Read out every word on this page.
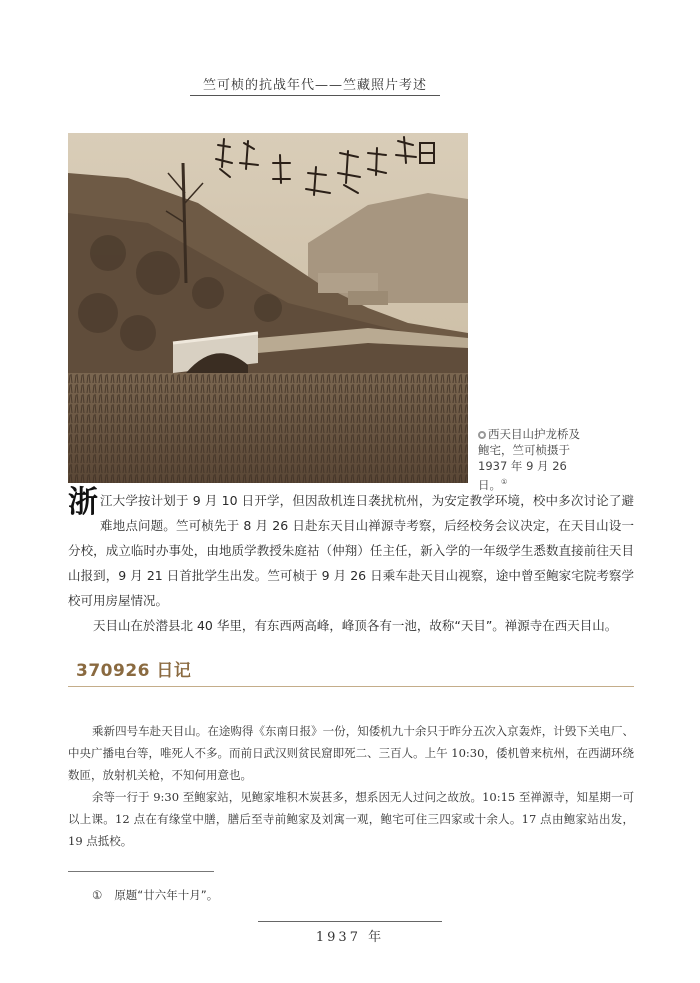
竺可桢的抗战年代——竺藏照片考述
西天目山护龙桥及鲍宅，竺可桢摄于 1937 年 9 月 26 日。①

浙江大学按计划于 9 月 10 日开学，但因敌机连日袭扰杭州，为安定教学环境，校中多次讨论了避难地点问题。竺可桢先于 8 月 26 日赴东天目山禅源寺考察，后经校务会议决定，在天目山设一分校，成立临时办事处，由地质学教授朱庭祜（仲翔）任主任，新入学的一年级学生悉数直接前往天目山报到，9 月 21 日首批学生出发。竺可桢于 9 月 26 日乘车赴天目山视察，途中曾至鲍家宅院考察学校可用房屋情况。

天目山在於潜县北 40 华里，有东西两高峰，峰顶各有一池，故称“天目”。禅源寺在西天目山。

370926 日记

乘新四号车赴天目山。在途购得《东南日报》一份，知倭机九十余只于昨分五次入京轰炸，计毁下关电厂、中央广播电台等，唯死人不多。而前日武汉则贫民窟即死二、三百人。上午 10:30，倭机曾来杭州，在西湖环绕数匝，放射机关枪，不知何用意也。

余等一行于 9:30 至鲍家站，见鲍家堆积木炭甚多，想系因无人过问之故放。10:15 至禅源寺，知星期一可以上课。12 点在有缘堂中膳，膳后至寺前鲍家及刘寓一观，鲍宅可住三四家或十余人。17 点由鲍家站出发，19 点抵校。

① 原题“廿六年十月”。
1937 年
